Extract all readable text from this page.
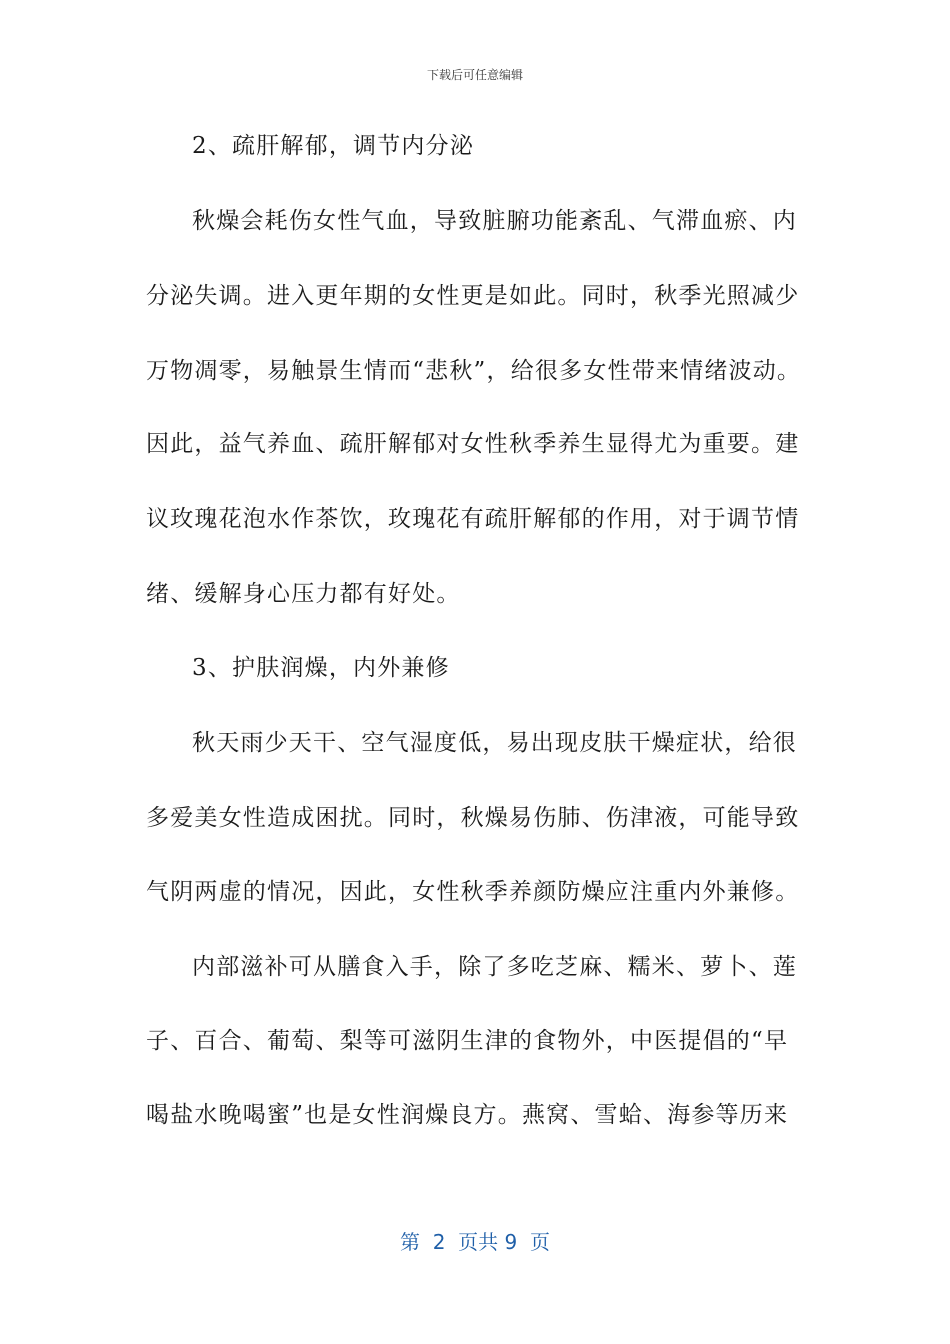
下载后可任意编辑
2、疏肝解郁，调节内分泌
秋燥会耗伤女性气血，导致脏腑功能紊乱、气滞血瘀、内
分泌失调。进入更年期的女性更是如此。同时，秋季光照减少
万物凋零，易触景生情而“悲秋”，给很多女性带来情绪波动。
因此，益气养血、疏肝解郁对女性秋季养生显得尤为重要。建
议玫瑰花泡水作茶饮，玫瑰花有疏肝解郁的作用，对于调节情
绪、缓解身心压力都有好处。
3、护肤润燥，内外兼修
秋天雨少天干、空气湿度低，易出现皮肤干燥症状，给很
多爱美女性造成困扰。同时，秋燥易伤肺、伤津液，可能导致
气阴两虚的情况，因此，女性秋季养颜防燥应注重内外兼修。
内部滋补可从膳食入手，除了多吃芝麻、糯米、萝卜、莲
子、百合、葡萄、梨等可滋阴生津的食物外，中医提倡的“早
喝盐水晚喝蜜”也是女性润燥良方。燕窝、雪蛤、海参等历来
第  2  页共 9  页
